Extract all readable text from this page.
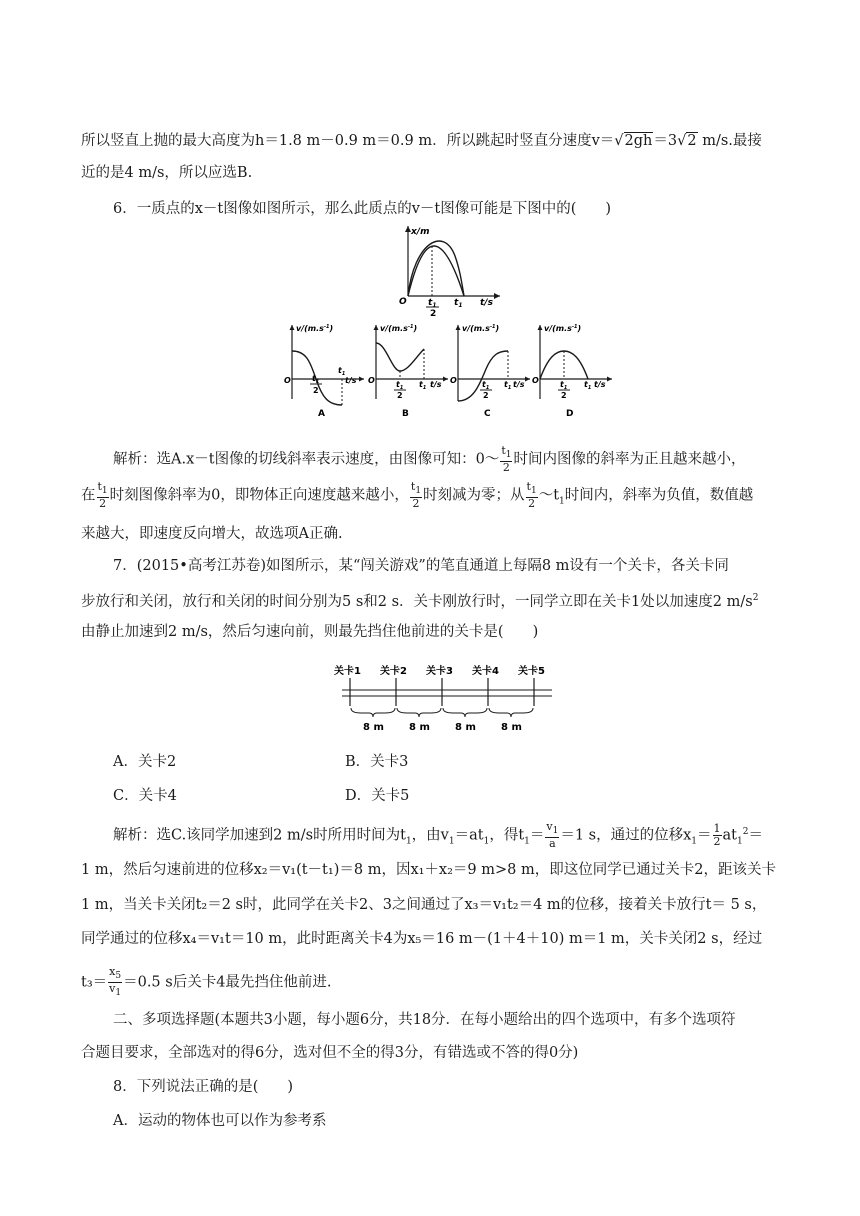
所以竖直上抛的最大高度为h＝1.8 m－0.9 m＝0.9 m．所以跳起时竖直分速度v＝√2gh＝3√2 m/s.最接
近的是4 m/s，所以应选B.
6．一质点的x－t图像如图所示，那么此质点的v－t图像可能是下图中的(　　)
x/m
O $t_1$
2
$t_1$ t/s
$v/(m.s^{-1})$
O
$t_1$
t/s
$t_1$
2
A
$v/(m.s^{-1})$
O	$t_1$
2
$t_1$ t/s
B
$v/(m.s^{-1})$
O	$t_1$
2
$t_1$ t/s
C
$v/(m.s^{-1})$
O	$t_1$
2
$t_1$ t/s
D
解析：选A.x－t图像的切线斜率表示速度，由图像可知：0～ $\frac{t_1}{2}$ 时间内图像的斜率为正且越来越小，
在 $\frac{t_1}{2}$ 时刻图像斜率为0，即物体正向速度越来越小， $\frac{t_1}{2}$ 时刻减为零；从 $\frac{t_1}{2}$ $\sim t_1$时间内，斜率为负值，数值越
来越大，即速度反向增大，故选项A正确.
7．(2015•高考江苏卷)如图所示，某“闯关游戏”的笔直通道上每隔8 m设有一个关卡，各关卡同
步放行和关闭，放行和关闭的时间分别为5 s和2 s．关卡刚放行时，一同学立即在关卡1处以加速度2 $m/s^2$
由静止加速到2 m/s，然后匀速向前，则最先挡住他前进的关卡是(　　)
关卡1 关卡2 关卡3 关卡4 关卡5
8 m	8 m	8 m	8 m
A．关卡2	B．关卡3
C．关卡4	D．关卡5
解析：选C.该同学加速到2 m/s时所用时间为$t_1$，由$v_1=at_1$，得$t_1= \frac{v_1}{a} =1$ s，通过的位移$x_1= \frac{1}{2} at_1^2=$
1 m，然后匀速前进的位移x₂＝v₁(t－t₁)＝8 m，因x₁＋x₂＝9 m>8 m，即这位同学已通过关卡2，距该关卡
1 m，当关卡关闭t₂＝2 s时，此同学在关卡2、3之间通过了x₃＝v₁t₂＝4 m的位移，接着关卡放行t＝ 5 s，
同学通过的位移x₄＝v₁t＝10 m，此时距离关卡4为x₅＝16 m－(1＋4＋10) m＝1 m，关卡关闭2 s，经过
$t_3= \frac{x_5}{v_1} =0.5$ s后关卡4最先挡住他前进.
二、多项选择题(本题共3小题，每小题6分，共18分．在每小题给出的四个选项中，有多个选项符
合题目要求，全部选对的得6分，选对但不全的得3分，有错选或不答的得0分)
8．下列说法正确的是(　　)
A．运动的物体也可以作为参考系
